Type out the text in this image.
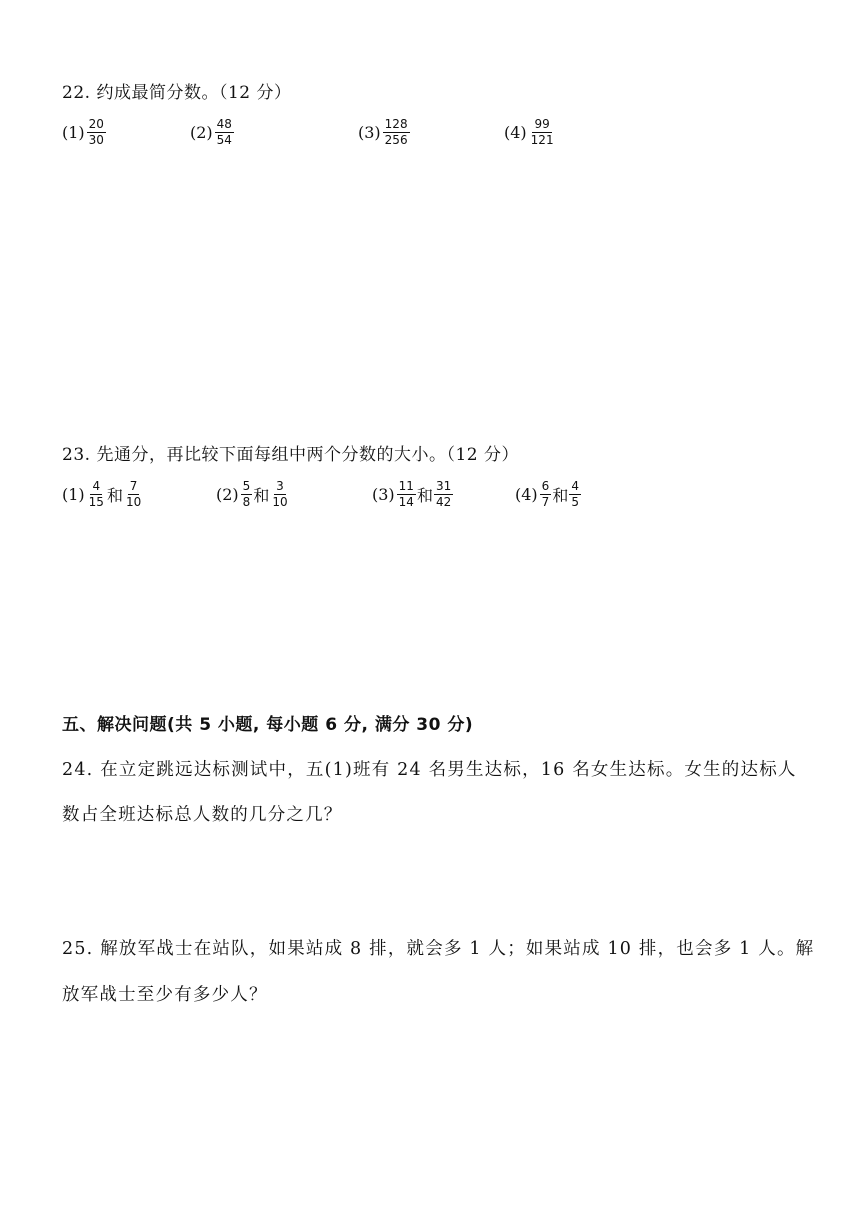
22. 约成最简分数。（12 分）
$(1) \frac{20}{30}$	$(2) \frac{48}{54}$	$(3) \frac{128}{256}$	$(4) \frac{99}{121}$
23. 先通分，再比较下面每组中两个分数的大小。（12 分）
$(1) \frac{4}{15}$ 和 $\frac{7}{10}$	$(2) \frac{5}{8}$ 和 $\frac{3}{10}$	$(3) \frac{11}{14}$ 和 $\frac{31}{42}$	$(4) \frac{6}{7}$ 和 $\frac{4}{5}$
五、解决问题(共 5 小题, 每小题 6 分, 满分 30 分)
24. 在立定跳远达标测试中，五(1)班有 24 名男生达标，16 名女生达标。女生的达标人
数占全班达标总人数的几分之几？
25. 解放军战士在站队，如果站成 8 排，就会多 1 人；如果站成 10 排，也会多 1 人。解
放军战士至少有多少人？
